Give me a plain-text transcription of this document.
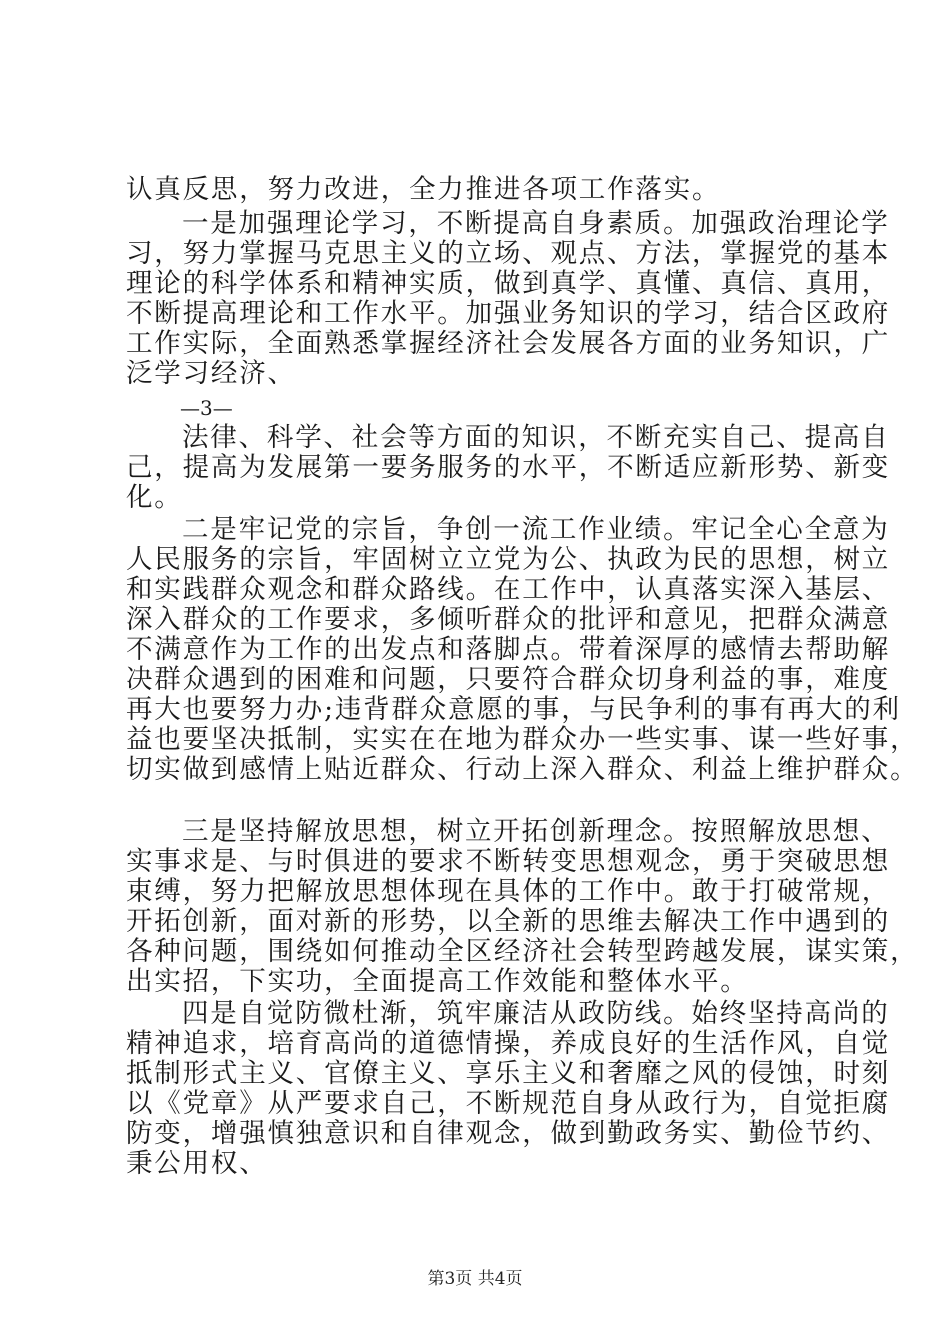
认真反思，努力改进，全力推进各项工作落实。
一是加强理论学习，不断提高自身素质。加强政治理论学
习，努力掌握马克思主义的立场、观点、方法，掌握党的基本
理论的科学体系和精神实质，做到真学、真懂、真信、真用，
不断提高理论和工作水平。加强业务知识的学习，结合区政府
工作实际，全面熟悉掌握经济社会发展各方面的业务知识，广
泛学习经济、
—3—
法律、科学、社会等方面的知识，不断充实自己、提高自
己，提高为发展第一要务服务的水平，不断适应新形势、新变
化。
二是牢记党的宗旨，争创一流工作业绩。牢记全心全意为
人民服务的宗旨，牢固树立立党为公、执政为民的思想，树立
和实践群众观念和群众路线。在工作中，认真落实深入基层、
深入群众的工作要求，多倾听群众的批评和意见，把群众满意
不满意作为工作的出发点和落脚点。带着深厚的感情去帮助解
决群众遇到的困难和问题，只要符合群众切身利益的事，难度
再大也要努力办;违背群众意愿的事，与民争利的事有再大的利
益也要坚决抵制，实实在在地为群众办一些实事、谋一些好事，
切实做到感情上贴近群众、行动上深入群众、利益上维护群众。
三是坚持解放思想，树立开拓创新理念。按照解放思想、
实事求是、与时俱进的要求不断转变思想观念，勇于突破思想
束缚，努力把解放思想体现在具体的工作中。敢于打破常规，
开拓创新，面对新的形势，以全新的思维去解决工作中遇到的
各种问题，围绕如何推动全区经济社会转型跨越发展，谋实策，
出实招，下实功，全面提高工作效能和整体水平。
四是自觉防微杜渐，筑牢廉洁从政防线。始终坚持高尚的
精神追求，培育高尚的道德情操，养成良好的生活作风，自觉
抵制形式主义、官僚主义、享乐主义和奢靡之风的侵蚀，时刻
以《党章》从严要求自己，不断规范自身从政行为，自觉拒腐
防变，增强慎独意识和自律观念，做到勤政务实、勤俭节约、
秉公用权、
第3页 共4页
